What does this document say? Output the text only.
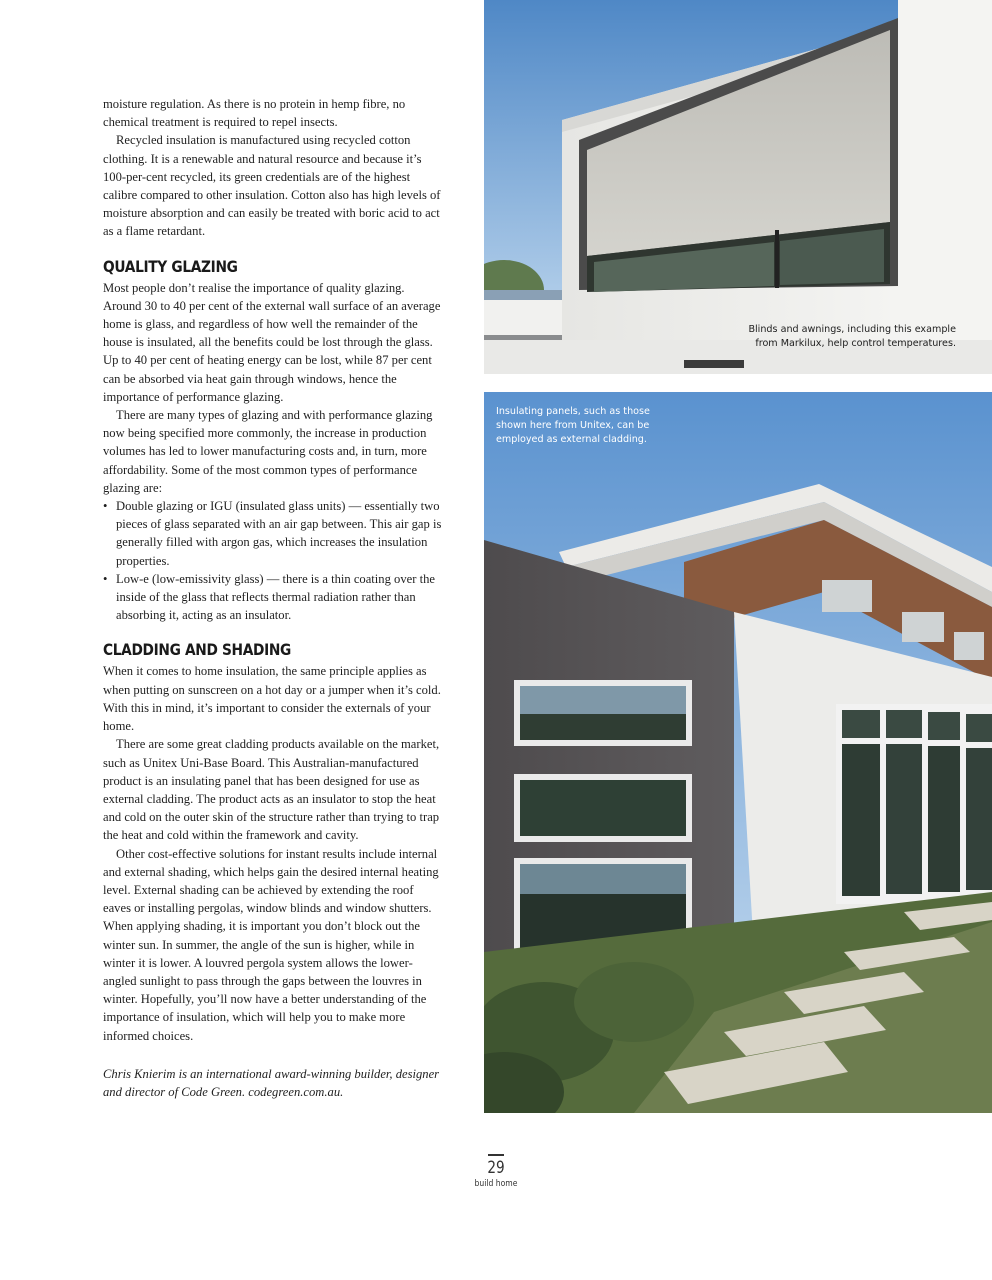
moisture regulation. As there is no protein in hemp fibre, no chemical treatment is required to repel insects.

Recycled insulation is manufactured using recycled cotton clothing. It is a renewable and natural resource and because it’s 100-per-cent recycled, its green credentials are of the highest calibre compared to other insulation. Cotton also has high levels of moisture absorption and can easily be treated with boric acid to act as a flame retardant.

QUALITY GLAZING

Most people don’t realise the importance of quality glazing. Around 30 to 40 per cent of the external wall surface of an average home is glass, and regardless of how well the remainder of the house is insulated, all the benefits could be lost through the glass. Up to 40 per cent of heating energy can be lost, while 87 per cent can be absorbed via heat gain through windows, hence the importance of performance glazing.

There are many types of glazing and with performance glazing now being specified more commonly, the increase in production volumes has led to lower manufacturing costs and, in turn, more affordability. Some of the most common types of performance glazing are:

• Double glazing or IGU (insulated glass units) — essentially two pieces of glass separated with an air gap between. This air gap is generally filled with argon gas, which increases the insulation properties.
• Low-e (low-emissivity glass) — there is a thin coating over the inside of the glass that reflects thermal radiation rather than absorbing it, acting as an insulator.
CLADDING AND SHADING

When it comes to home insulation, the same principle applies as when putting on sunscreen on a hot day or a jumper when it’s cold. With this in mind, it’s important to consider the externals of your home.

There are some great cladding products available on the market, such as Unitex Uni-Base Board. This Australian-manufactured product is an insulating panel that has been designed for use as external cladding. The product acts as an insulator to stop the heat and cold on the outer skin of the structure rather than trying to trap the heat and cold within the framework and cavity.

Other cost-effective solutions for instant results include internal and external shading, which helps gain the desired internal heating level. External shading can be achieved by extending the roof eaves or installing pergolas, window blinds and window shutters. When applying shading, it is important you don’t block out the winter sun. In summer, the angle of the sun is higher, while in winter it is lower. A louvred pergola system allows the lower-angled sunlight to pass through the gaps between the louvres in winter. Hopefully, you’ll now have a better understanding of the importance of insulation, which will help you to make more informed choices.

Chris Knierim is an international award-winning builder, designer and director of Code Green. codegreen.com.au.

Blinds and awnings, including this example from Markilux, help control temperatures.
Insulating panels, such as those shown here from Unitex, can be employed as external cladding.
29
build home
